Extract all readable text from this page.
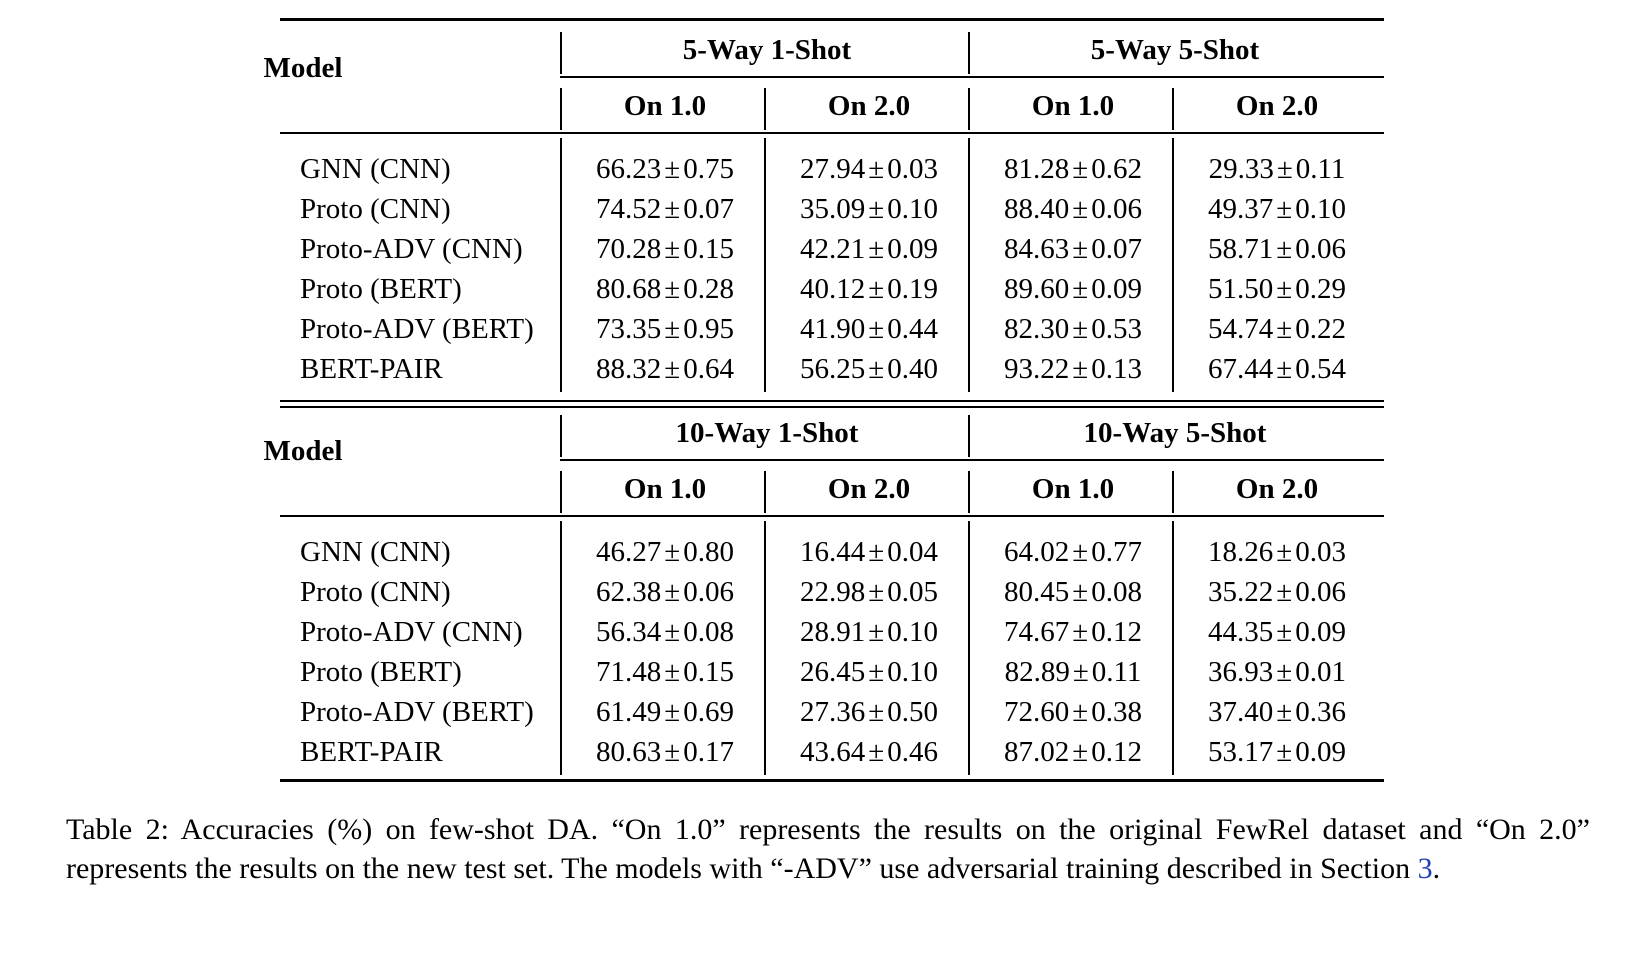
Model
5-Way 1-Shot	5-Way 5-Shot
On 1.0	On 2.0	On 1.0	On 2.0
GNN (CNN)	66.23 ± 0.75	27.94 ± 0.03	81.28 ± 0.62	29.33 ± 0.11
Proto (CNN)	74.52 ± 0.07	35.09 ± 0.10	88.40 ± 0.06	49.37 ± 0.10
Proto-ADV (CNN)	70.28 ± 0.15	42.21 ± 0.09	84.63 ± 0.07	58.71 ± 0.06
Proto (BERT)	80.68 ± 0.28	40.12 ± 0.19	89.60 ± 0.09	51.50 ± 0.29
Proto-ADV (BERT)	73.35 ± 0.95	41.90 ± 0.44	82.30 ± 0.53	54.74 ± 0.22
BERT-PAIR	88.32 ± 0.64	56.25 ± 0.40	93.22 ± 0.13	67.44 ± 0.54
Model
10-Way 1-Shot	10-Way 5-Shot
On 1.0	On 2.0	On 1.0	On 2.0
GNN (CNN)	46.27 ± 0.80	16.44 ± 0.04	64.02 ± 0.77	18.26 ± 0.03
Proto (CNN)	62.38 ± 0.06	22.98 ± 0.05	80.45 ± 0.08	35.22 ± 0.06
Proto-ADV (CNN)	56.34 ± 0.08	28.91 ± 0.10	74.67 ± 0.12	44.35 ± 0.09
Proto (BERT)	71.48 ± 0.15	26.45 ± 0.10	82.89 ± 0.11	36.93 ± 0.01
Proto-ADV (BERT)	61.49 ± 0.69	27.36 ± 0.50	72.60 ± 0.38	37.40 ± 0.36
BERT-PAIR	80.63 ± 0.17	43.64 ± 0.46	87.02 ± 0.12	53.17 ± 0.09
Table 2: Accuracies (%) on few-shot DA. “On 1.0” represents the results on the original FewRel dataset and “On 2.0” represents the results on the new test set. The models with “-ADV” use adversarial training described in Section 3.
